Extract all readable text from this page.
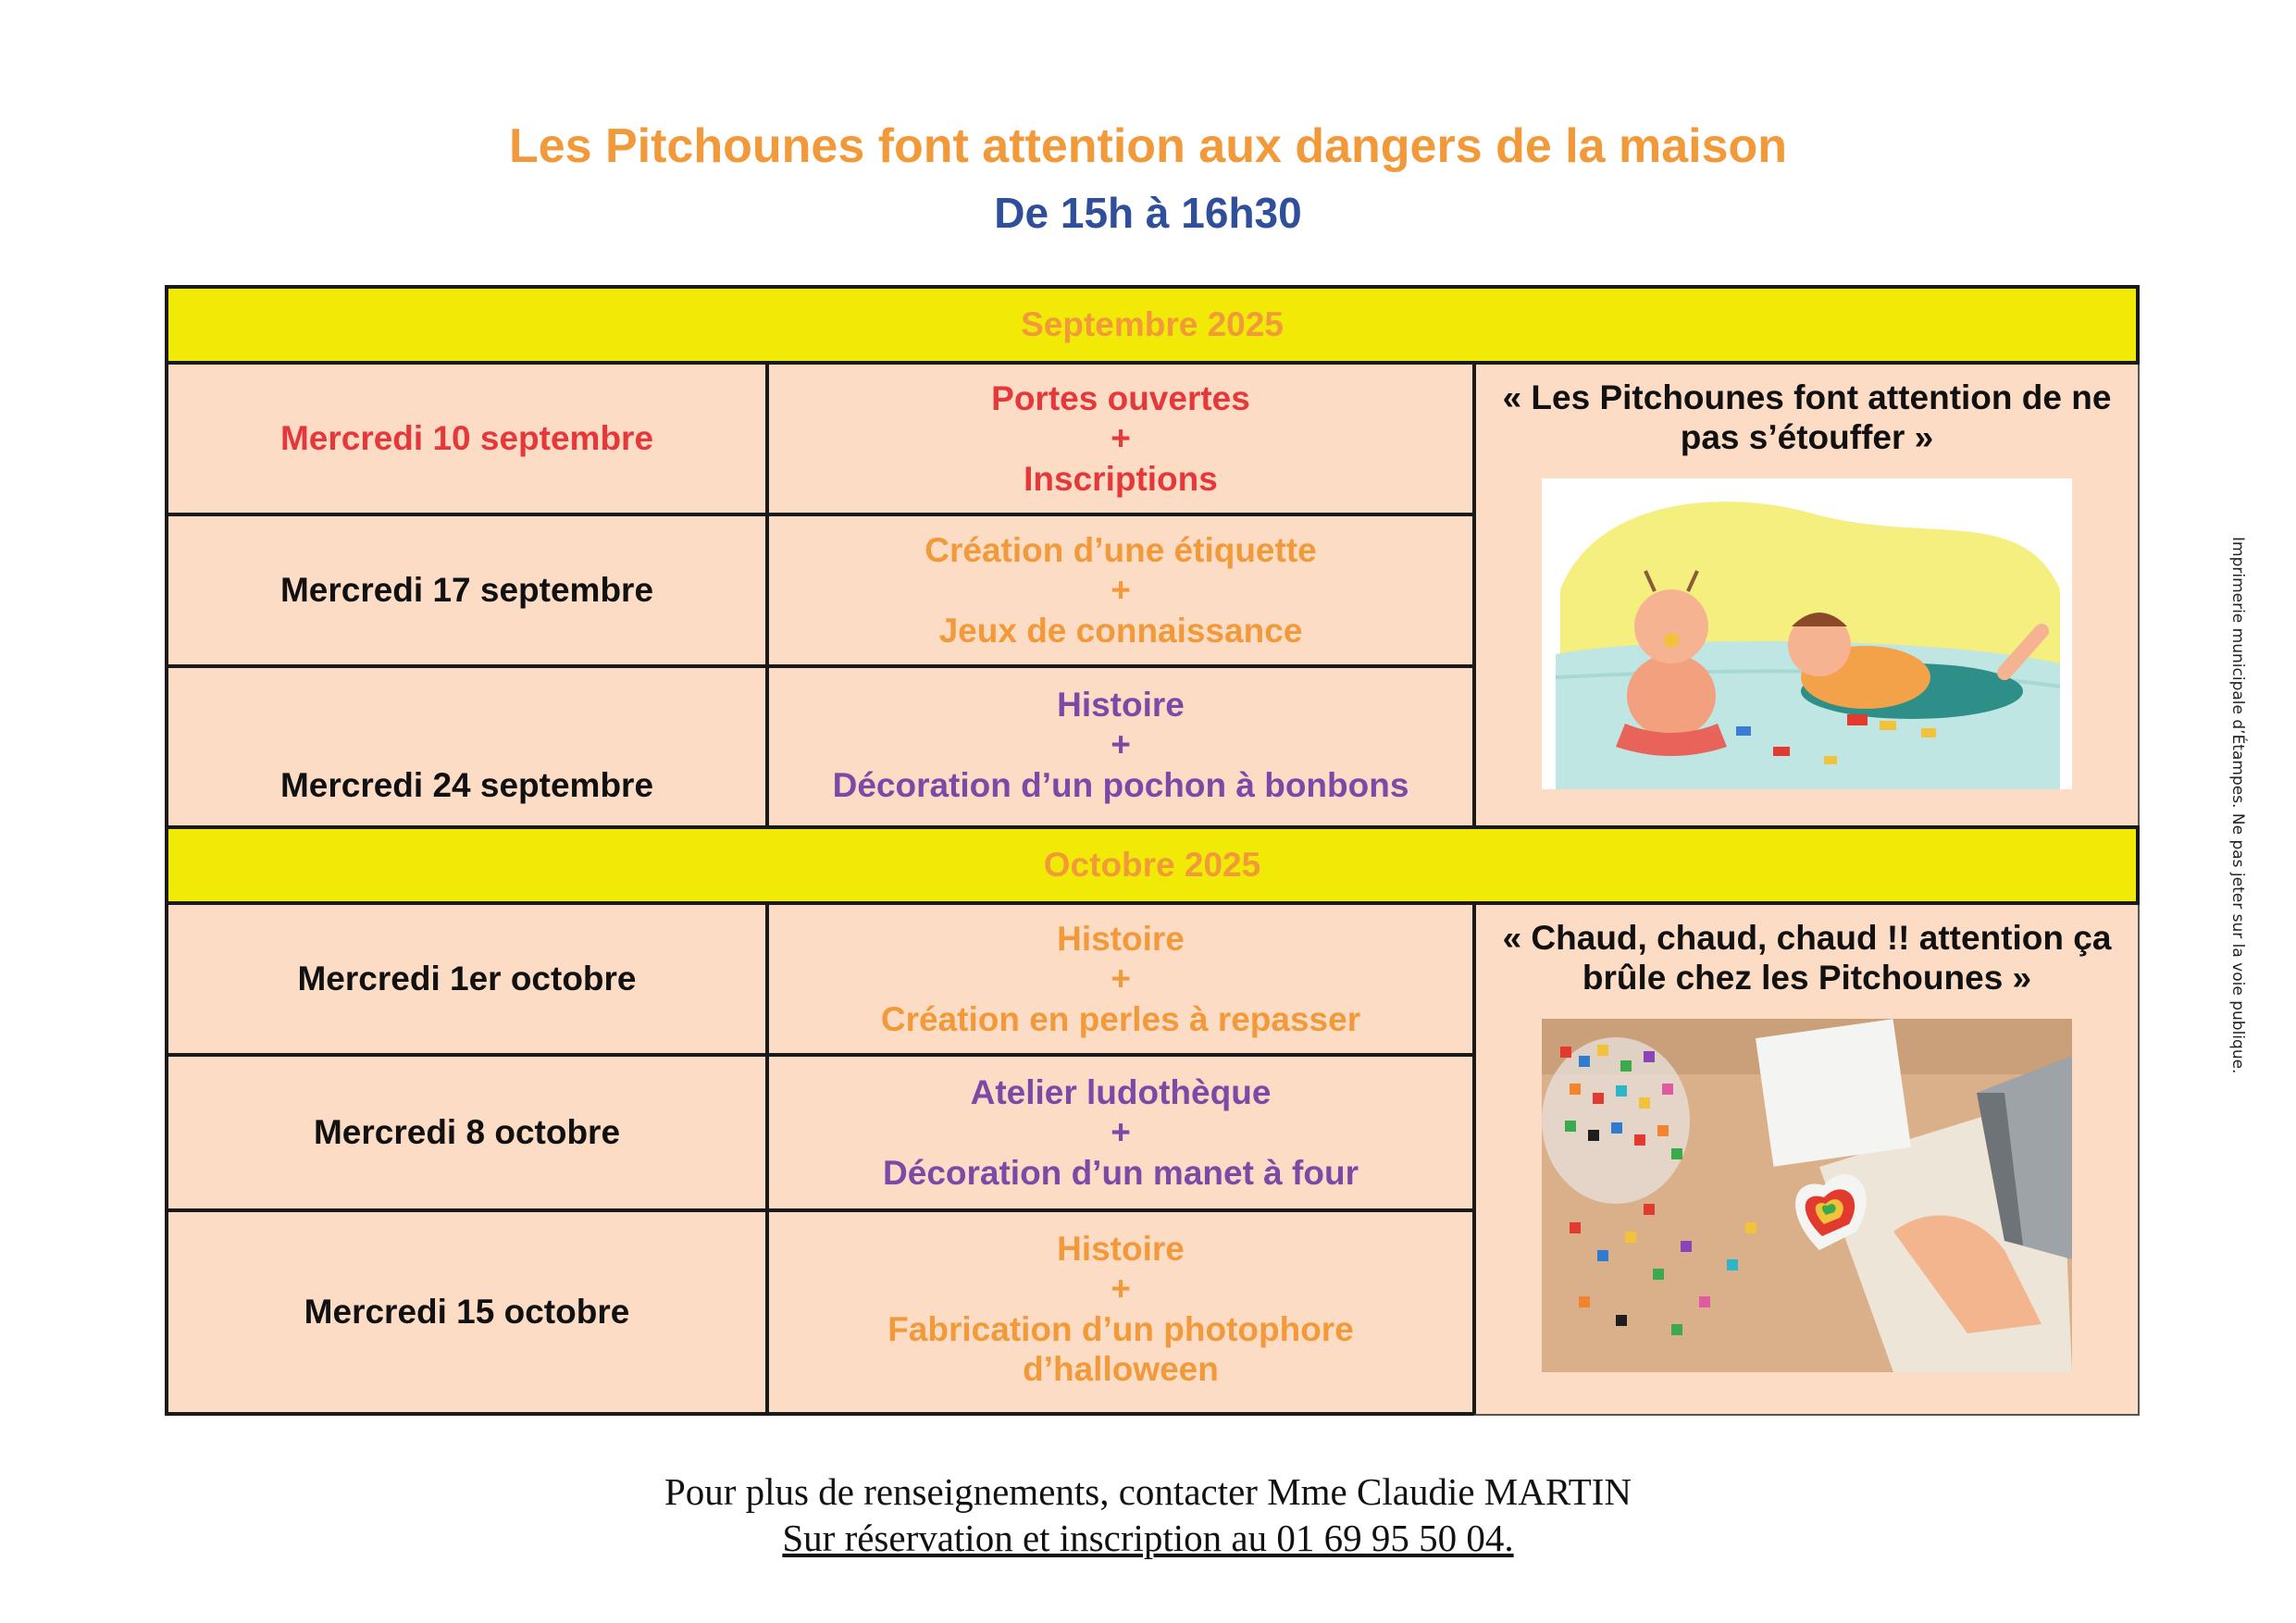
Les Pitchounes font attention aux dangers de la maison
De 15h à 16h30
Septembre 2025
Mercredi 10 septembre
Portes ouvertes
+
Inscriptions
Mercredi 17 septembre
Création d’une étiquette
+
Jeux de connaissance
Mercredi 24 septembre
Histoire
+
Décoration d’un pochon à bonbons
« Les Pitchounes font attention de ne pas s’étouffer »
Octobre 2025
Mercredi 1er octobre
Histoire
+
Création en perles à repasser
Mercredi 8 octobre
Atelier ludothèque
+
Décoration d’un manet à four
Mercredi 15 octobre
Histoire
+
Fabrication d’un photophore
d’halloween
« Chaud, chaud, chaud !! attention ça brûle chez les Pitchounes »
Pour plus de renseignements, contacter Mme Claudie MARTIN
Sur réservation et inscription au 01 69 95 50 04.
Imprimerie municipale d’Étampes. Ne pas jeter sur la voie publique.
